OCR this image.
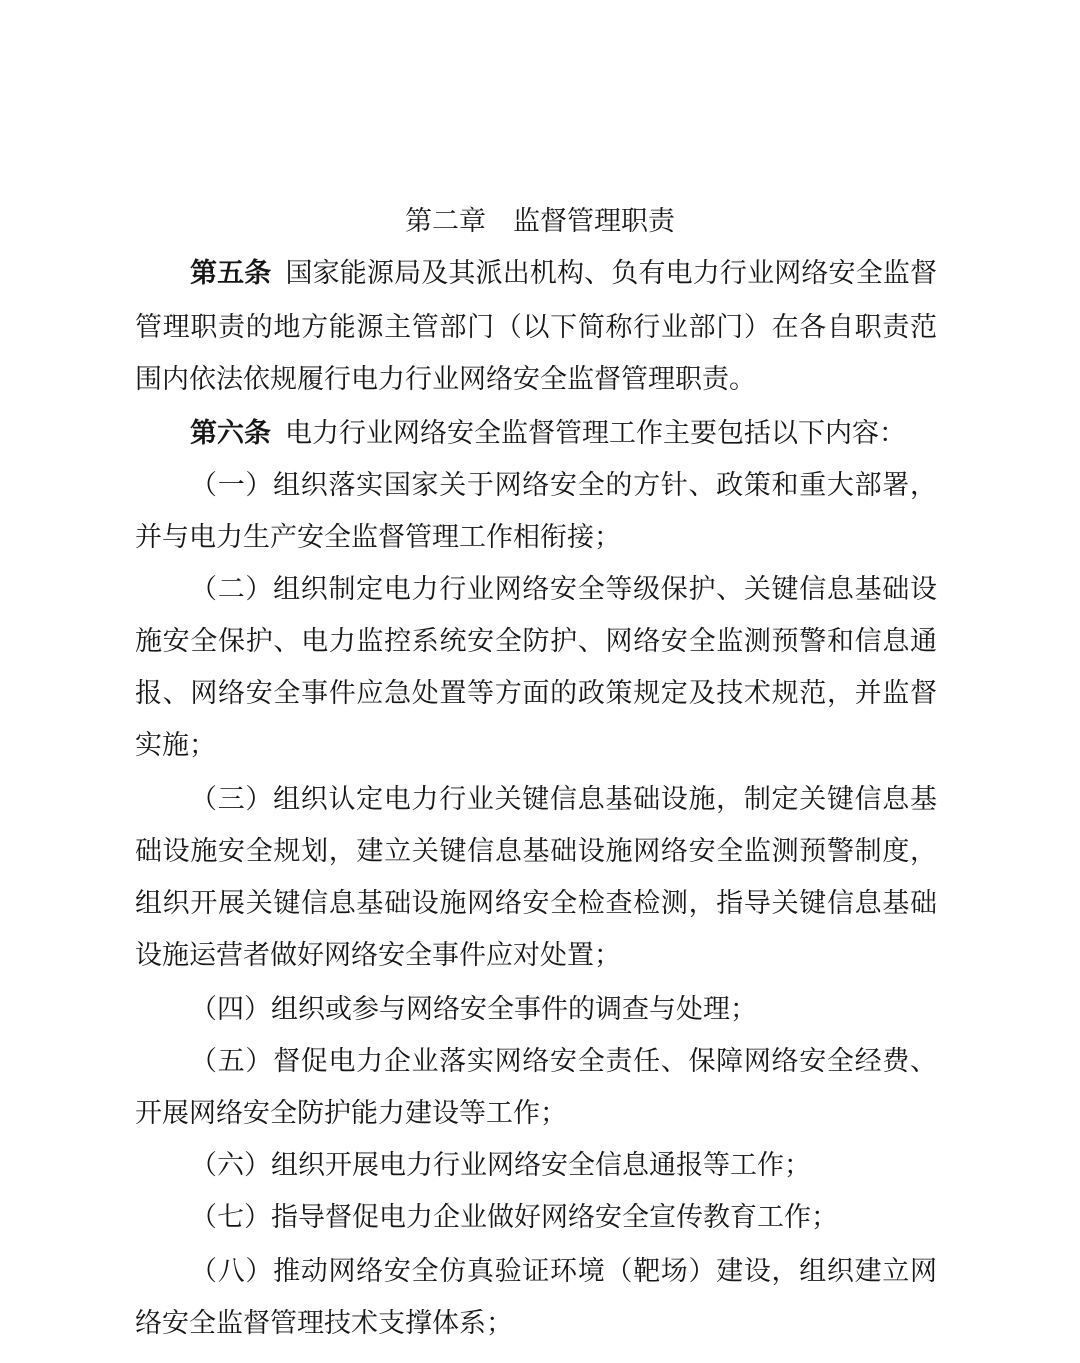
第二章　监督管理职责
第五条 国家能源局及其派出机构、负有电力行业网络安全监督
管理职责的地方能源主管部门（以下简称行业部门）在各自职责范
围内依法依规履行电力行业网络安全监督管理职责。
第六条 电力行业网络安全监督管理工作主要包括以下内容：
（一）组织落实国家关于网络安全的方针、政策和重大部署，
并与电力生产安全监督管理工作相衔接；
（二）组织制定电力行业网络安全等级保护、关键信息基础设
施安全保护、电力监控系统安全防护、网络安全监测预警和信息通
报、网络安全事件应急处置等方面的政策规定及技术规范，并监督
实施；
（三）组织认定电力行业关键信息基础设施，制定关键信息基
础设施安全规划，建立关键信息基础设施网络安全监测预警制度，
组织开展关键信息基础设施网络安全检查检测，指导关键信息基础
设施运营者做好网络安全事件应对处置；
（四）组织或参与网络安全事件的调查与处理；
（五）督促电力企业落实网络安全责任、保障网络安全经费、
开展网络安全防护能力建设等工作；
（六）组织开展电力行业网络安全信息通报等工作；
（七）指导督促电力企业做好网络安全宣传教育工作；
（八）推动网络安全仿真验证环境（靶场）建设，组织建立网
络安全监督管理技术支撑体系；
